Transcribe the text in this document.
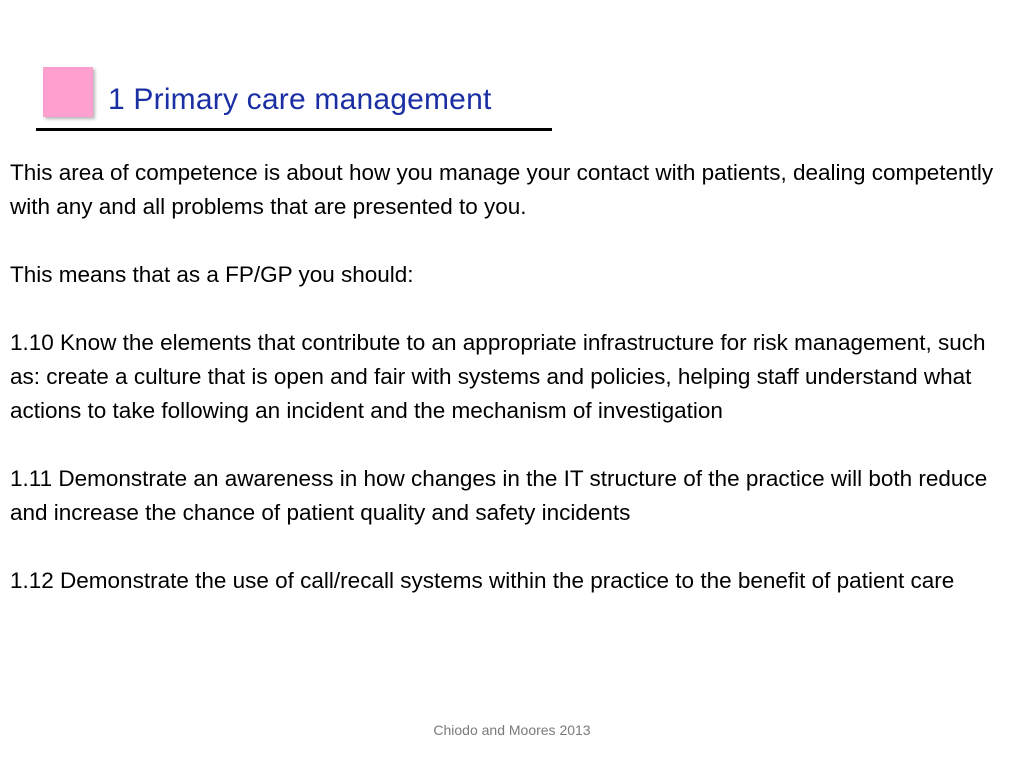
1 Primary care management

This area of competence is about how you manage your contact with patients, dealing competently with any and all problems that are presented to you.

This means that as a FP/GP you should:

1.10 Know the elements that contribute to an appropriate infrastructure for risk management, such as: create a culture that is open and fair with systems and policies, helping staff understand what actions to take following an incident and the mechanism of investigation

1.11 Demonstrate an awareness in how changes in the IT structure of the practice will both reduce and increase the chance of patient quality and safety incidents

1.12 Demonstrate the use of call/recall systems within the practice to the benefit of patient care

Chiodo and Moores 2013
